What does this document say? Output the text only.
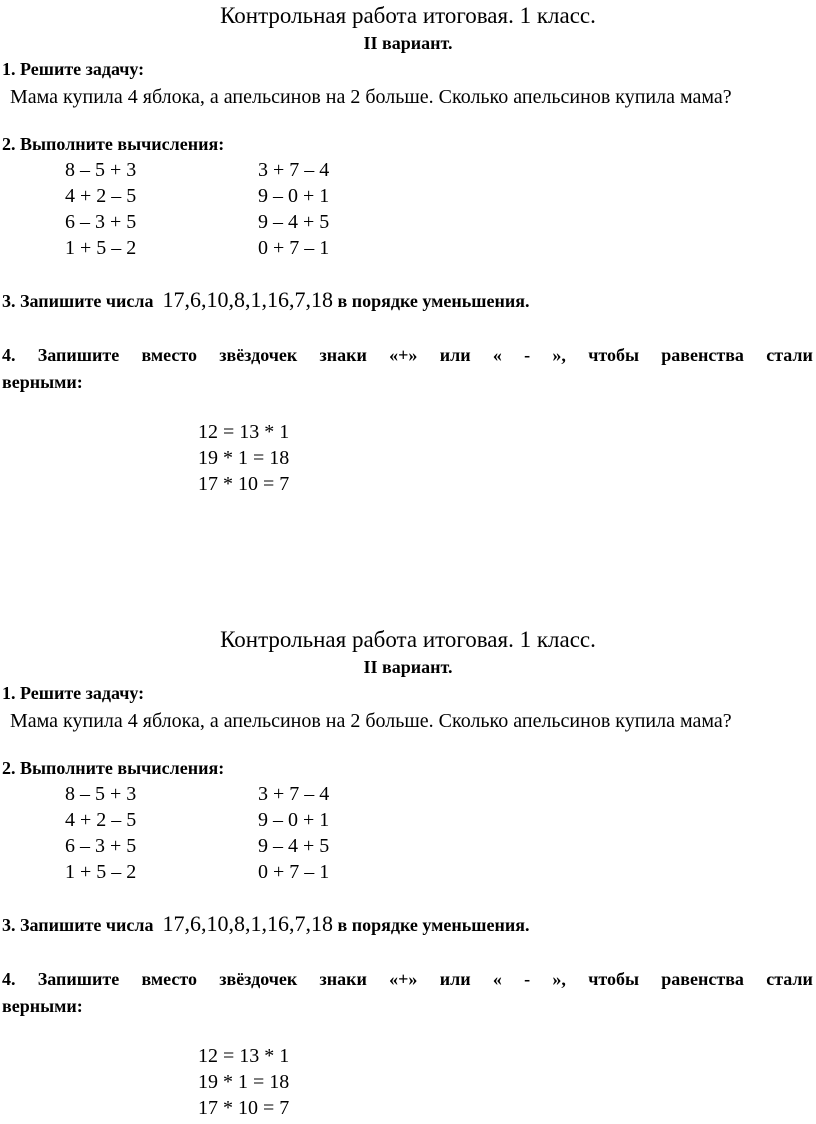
Контрольная работа итоговая. 1 класс.
II вариант.
1. Решите задачу:
Мама купила 4 яблока, а апельсинов на 2 больше. Сколько апельсинов купила мама?
2. Выполните вычисления:
8 – 5 + 3
4 + 2 – 5
6 – 3 + 5
1 + 5 – 2
3 + 7 – 4
9 – 0 + 1
9 – 4 + 5
0 + 7 – 1
3. Запишите числа 17,6,10,8,1,16,7,18 в порядке уменьшения.
4. Запишите вместо звёздочек знаки «+» или « - », чтобы равенства стали
верными:
12 = 13 * 1
19 * 1 = 18
17 * 10 = 7
Контрольная работа итоговая. 1 класс.
II вариант.
1. Решите задачу:
Мама купила 4 яблока, а апельсинов на 2 больше. Сколько апельсинов купила мама?
2. Выполните вычисления:
8 – 5 + 3
4 + 2 – 5
6 – 3 + 5
1 + 5 – 2
3 + 7 – 4
9 – 0 + 1
9 – 4 + 5
0 + 7 – 1
3. Запишите числа 17,6,10,8,1,16,7,18 в порядке уменьшения.
4. Запишите вместо звёздочек знаки «+» или « - », чтобы равенства стали
верными:
12 = 13 * 1
19 * 1 = 18
17 * 10 = 7
